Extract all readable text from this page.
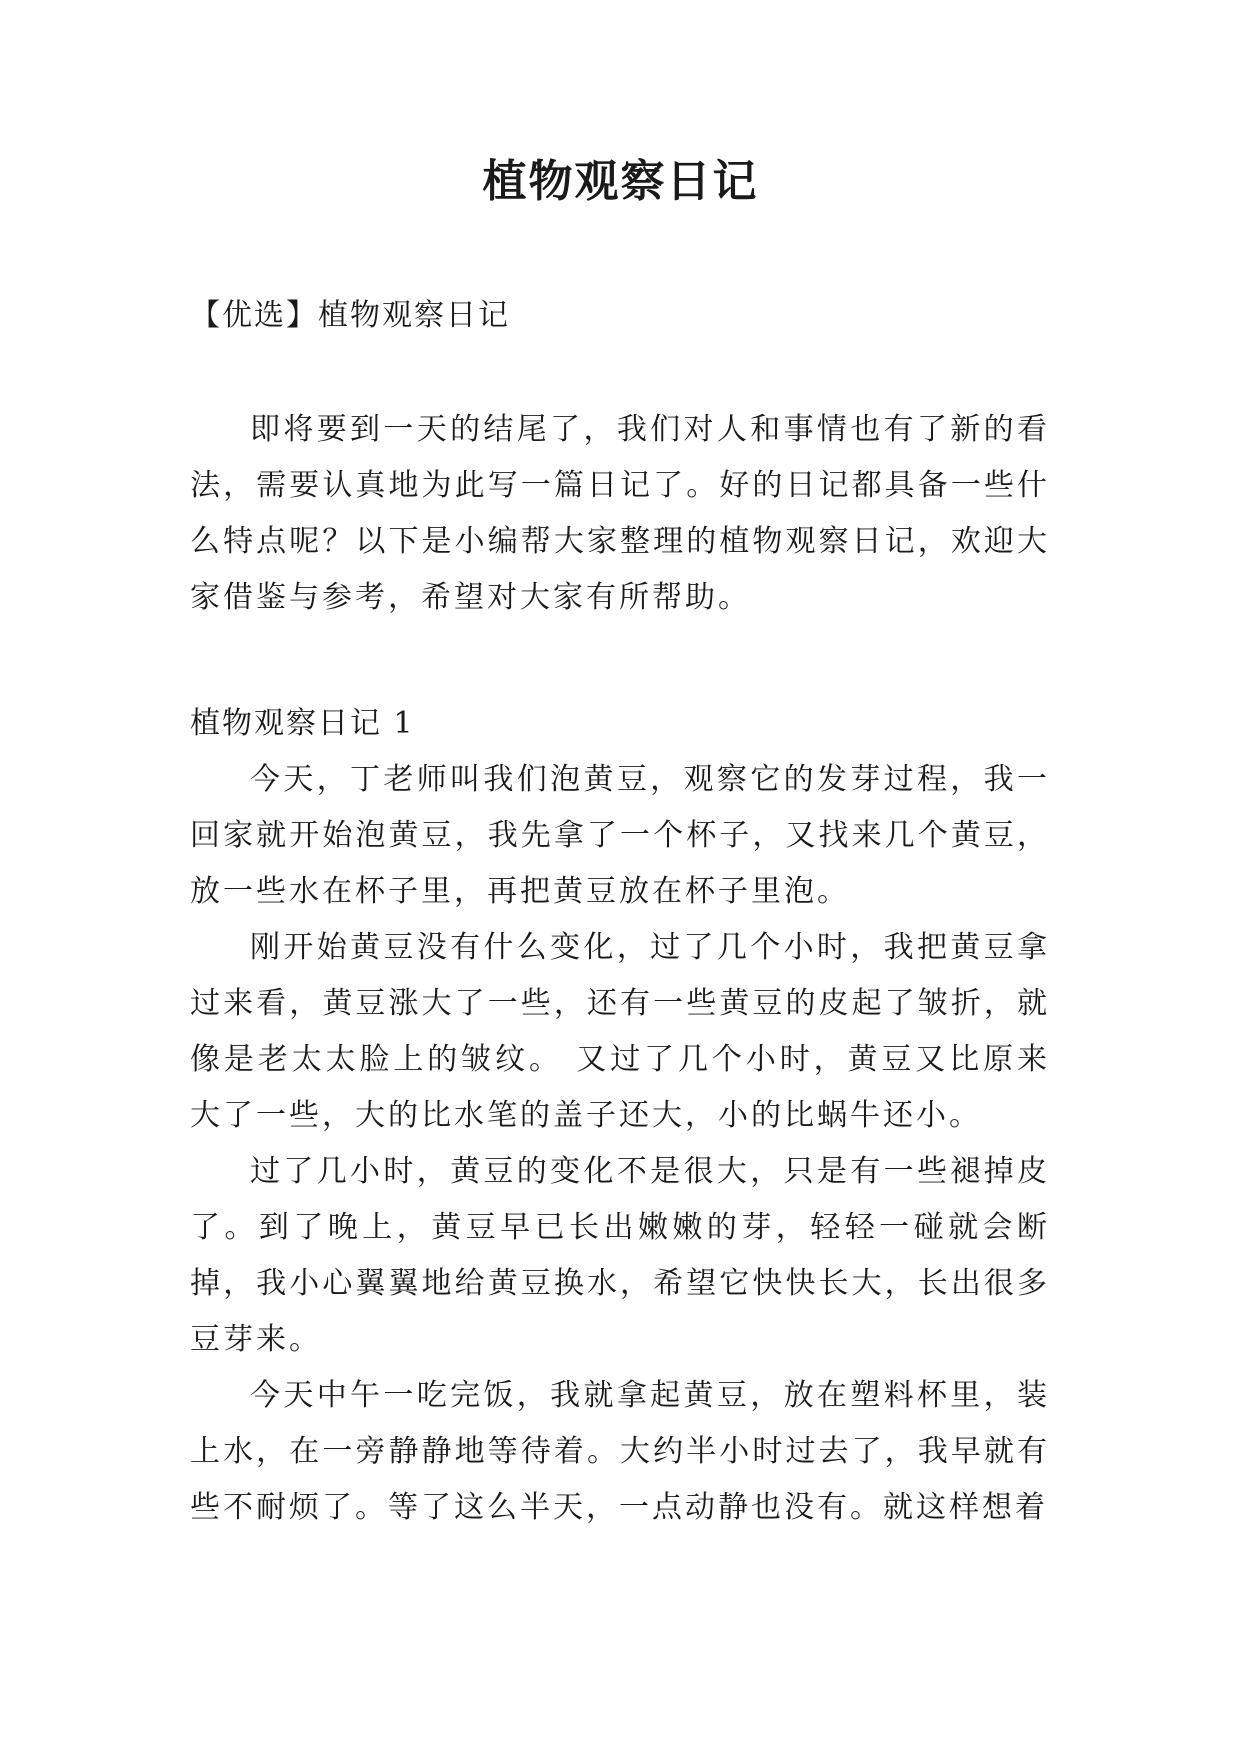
植物观察日记
【优选】植物观察日记

即将要到一天的结尾了，我们对人和事情也有了新的看法，需要认真地为此写一篇日记了。好的日记都具备一些什么特点呢？以下是小编帮大家整理的植物观察日记，欢迎大家借鉴与参考，希望对大家有所帮助。

植物观察日记 1

今天，丁老师叫我们泡黄豆，观察它的发芽过程，我一回家就开始泡黄豆，我先拿了一个杯子，又找来几个黄豆，放一些水在杯子里，再把黄豆放在杯子里泡。

刚开始黄豆没有什么变化，过了几个小时，我把黄豆拿过来看，黄豆涨大了一些，还有一些黄豆的皮起了皱折，就像是老太太脸上的皱纹。 又过了几个小时，黄豆又比原来大了一些，大的比水笔的盖子还大，小的比蜗牛还小。

过了几小时，黄豆的变化不是很大，只是有一些褪掉皮了。到了晚上，黄豆早已长出嫩嫩的芽，轻轻一碰就会断掉，我小心翼翼地给黄豆换水，希望它快快长大，长出很多豆芽来。

今天中午一吃完饭，我就拿起黄豆，放在塑料杯里，装上水，在一旁静静地等待着。大约半小时过去了，我早就有些不耐烦了。等了这么半天，一点动静也没有。就这样想着
